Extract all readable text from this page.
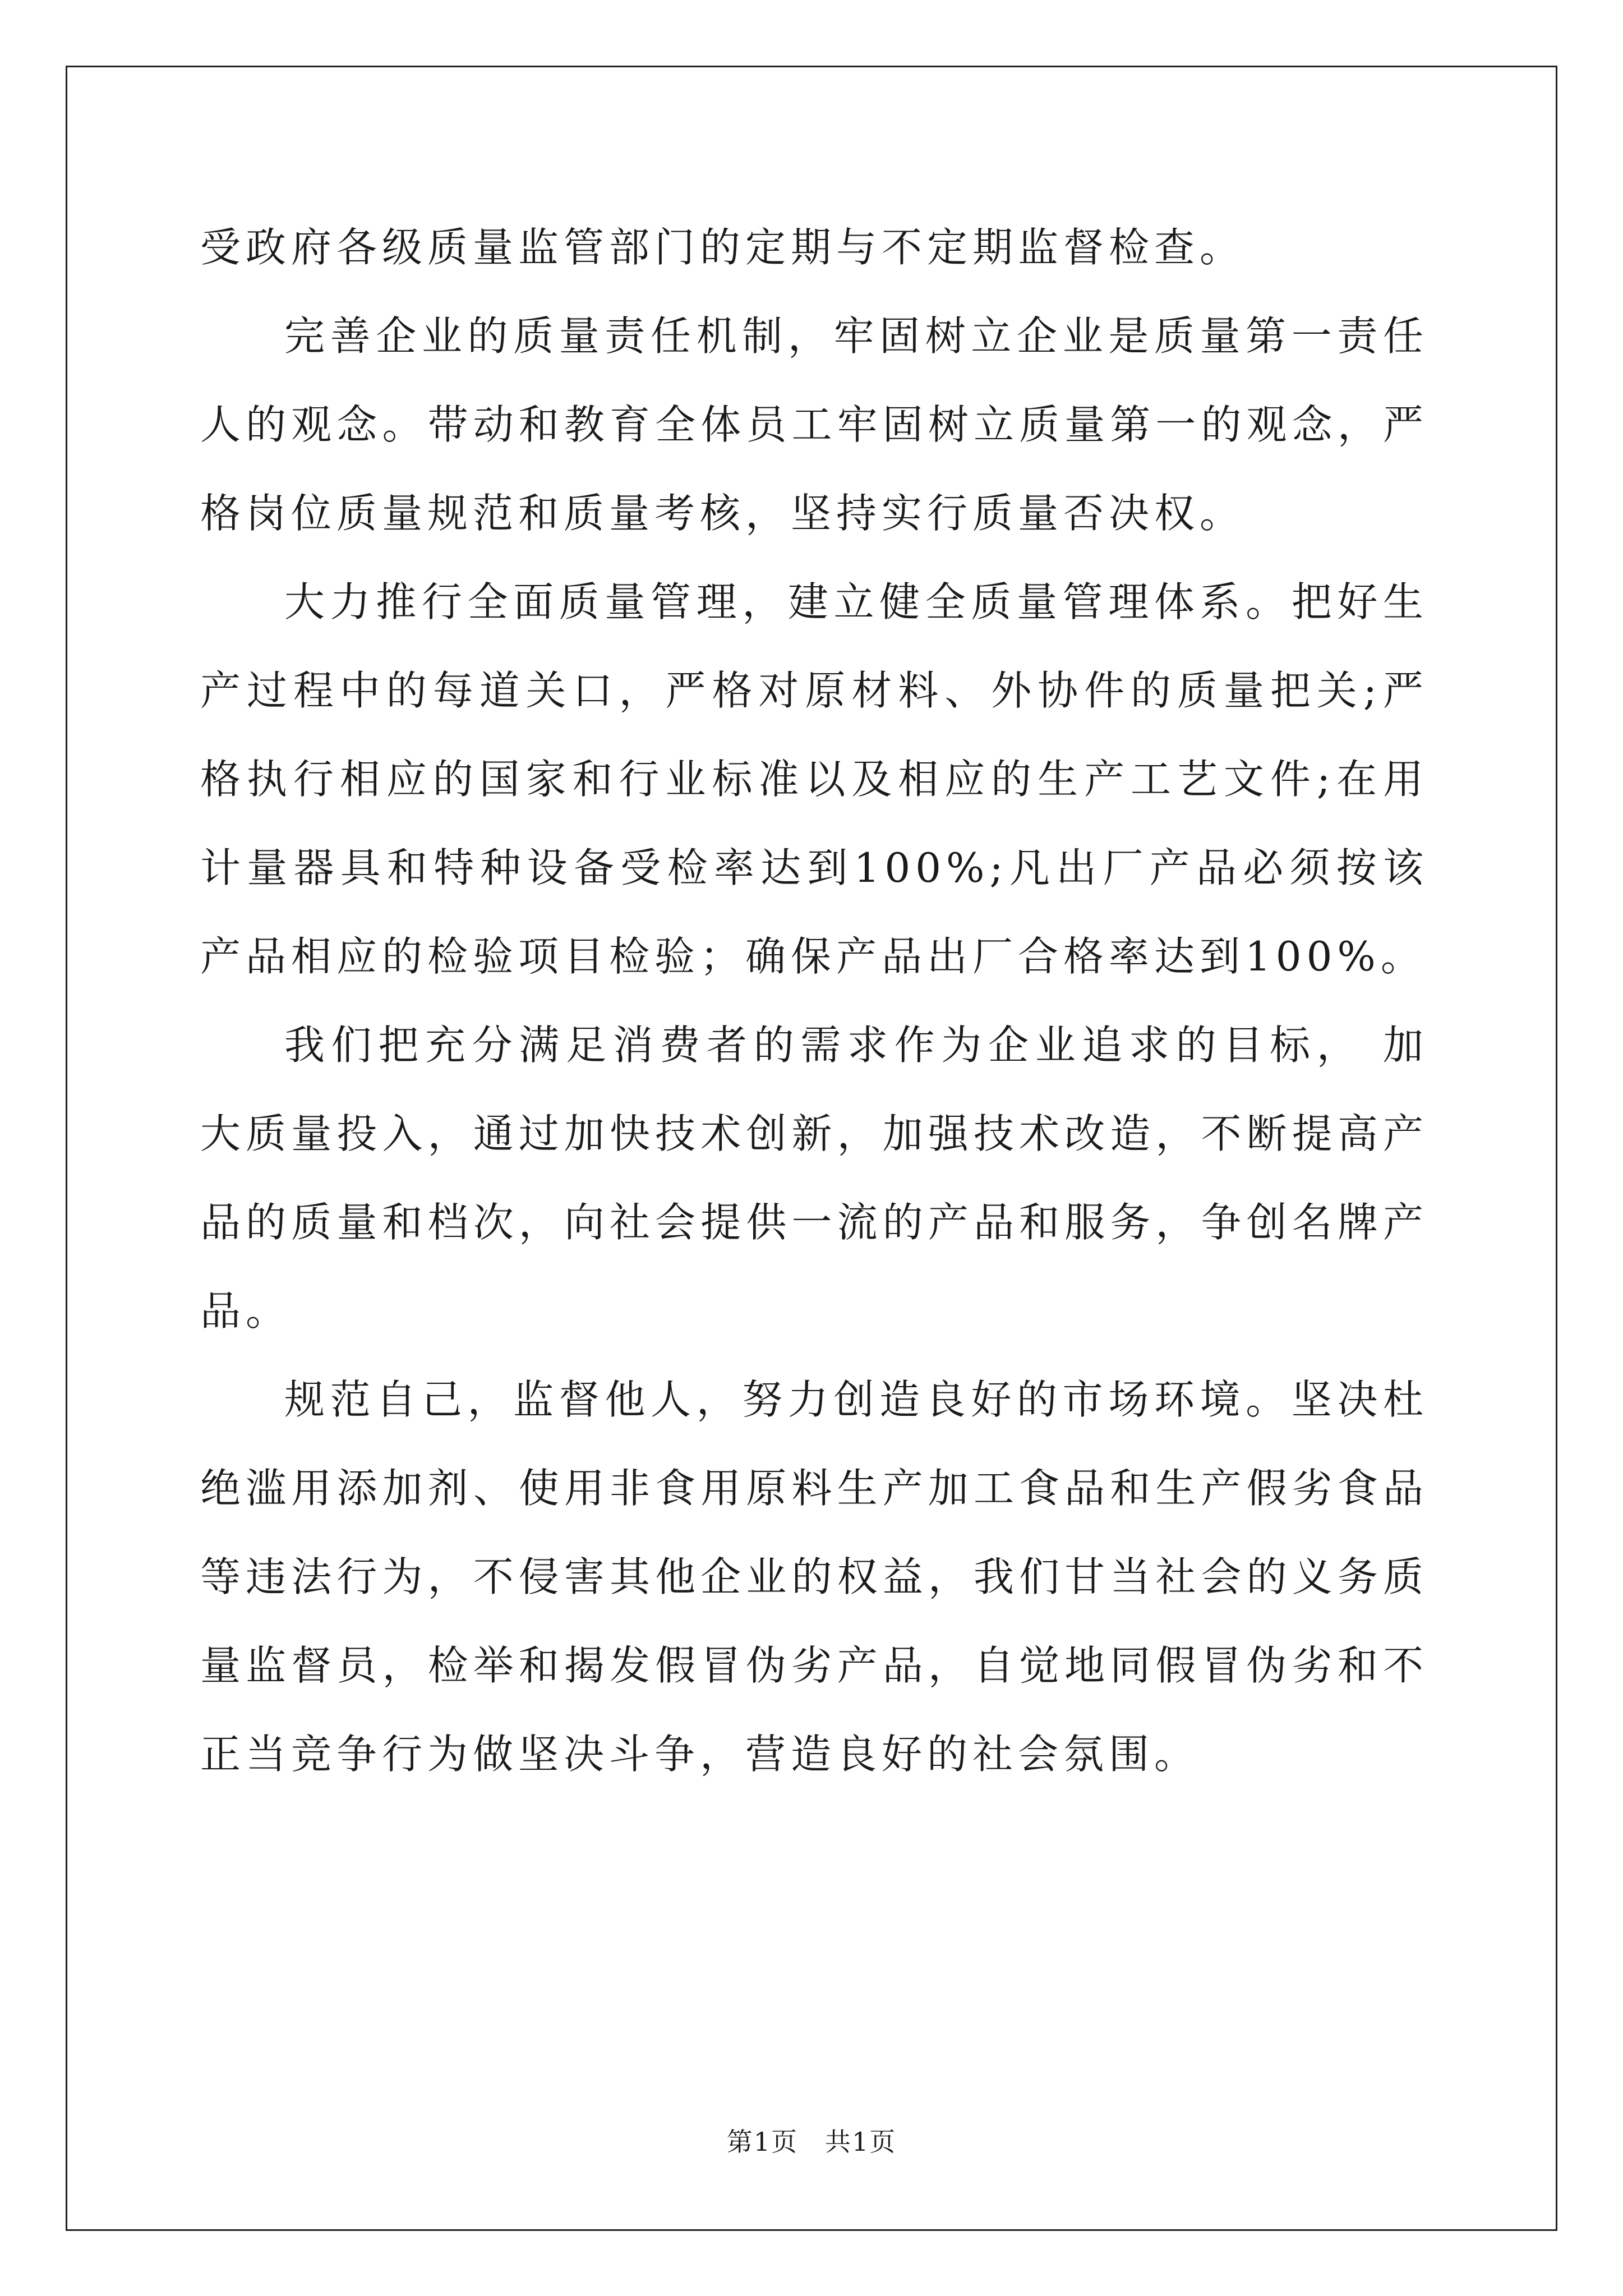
受政府各级质量监管部门的定期与不定期监督检查。

完善企业的质量责任机制，牢固树立企业是质量第一责任人的观念。带动和教育全体员工牢固树立质量第一的观念，严格岗位质量规范和质量考核，坚持实行质量否决权。

大力推行全面质量管理，建立健全质量管理体系。把好生产过程中的每道关口，严格对原材料、外协件的质量把关;严格执行相应的国家和行业标准以及相应的生产工艺文件;在用计量器具和特种设备受检率达到100%;凡出厂产品必须按该产品相应的检验项目检验；确保产品出厂合格率达到100%。

我们把充分满足消费者的需求作为企业追求的目标， 加大质量投入，通过加快技术创新，加强技术改造，不断提高产品的质量和档次，向社会提供一流的产品和服务，争创名牌产品。

规范自己，监督他人，努力创造良好的市场环境。坚决杜绝滥用添加剂、使用非食用原料生产加工食品和生产假劣食品等违法行为，不侵害其他企业的权益，我们甘当社会的义务质量监督员，检举和揭发假冒伪劣产品，自觉地同假冒伪劣和不正当竞争行为做坚决斗争，营造良好的社会氛围。

第1页　共1页
